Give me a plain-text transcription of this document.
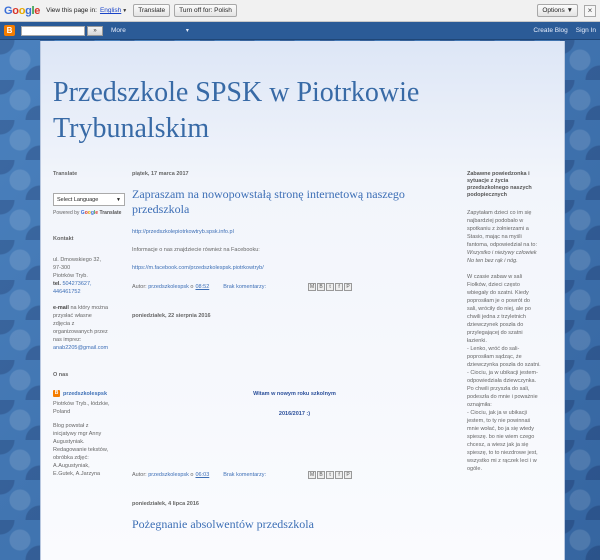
Google View this page in: English ▼	Translate	Turn off for: Polish	Options ▼	×
B	»	More	▾	Create Blog Sign In
Przedszkole SPSK w Piotrkowie Trybunalskim
Translate
Select Language	▼
Powered by Google Translate
Kontakt
ul. Dmowskiego 32,
97-300
Piotrków Tryb.
tel. 504273627,
446461752
e-mail na który można
przysłać własne
zdjęcia z
organizowanych przez
nas imprez:
anab2205@gmail.com
O nas
B przedszkolespsk
Piotrków Tryb., łódzkie,
Poland
Blog powstał z
inicjatywy mgr Anny
Augustyniak.
Redagowanie tekstów,
obróbka zdjęć:
A.Augustyniak,
E.Gutek, A.Jarzyna
piątek, 17 marca 2017
Zapraszam na nowopowstałą stronę internetową naszego przedszkola
http://przedszkolepiotrkowtryb.spsk.info.pl
Informacje o nas znajdziecie również na Facebooku:
https://m.facebook.com/przedszkolespsk.piotrkowtryb/
Autor:
przedszkolespsk
o 08:52	Brak komentarzy:	M	B	t	f	P
poniedziałek, 22 sierpnia 2016
Witam w nowym roku szkolnym
2016/2017 :)
Autor:
przedszkolespsk
o 06:03	Brak komentarzy:	M	B	t	f	P
poniedziałek, 4 lipca 2016
Pożegnanie absolwentów przedszkola
Zabawne powiedzonka i
sytuacje z życia
przedszkolnego naszych
podopiecznych
Zapytałam dzieci co im się
najbardziej podobało w
spotkaniu z żołnierzami a
Stasio, mając na myśli
fantoma, odpowiedział na to:
Wszystko i nieżywy człowiek
No ten bez rąk i nóg.
W czasie zabaw w sali
Fiołków, dzieci często
wbiegały do szatni. Kiedy
poprosiłam je o powrót do
sali, wróciły do niej, ale po
chwili jedna z trzyletnich
dziewczynek poszła do
przylegającej do szatni
łazienki.
- Lenko, wróć do sali-
poprosiłam sądząc, że
dziewczynka poszła do szatni.
- Ciociu, ja w ubikacji jestem-
odpowiedziała dziewczynka.
Po chwili przyszła do sali,
podeszła do mnie i poważnie
oznajmiła:
- Ciociu, jak ja w ubikacji
jestem, to ty nie powinnaś
mnie wołać, bo ja się wtedy
spieszę. bo nie wiem czego
chcesz, a wiesz jak ja się
spieszę, to to niezdrowe jest,
wszystko mi z rączek leci i w
ogóle.
